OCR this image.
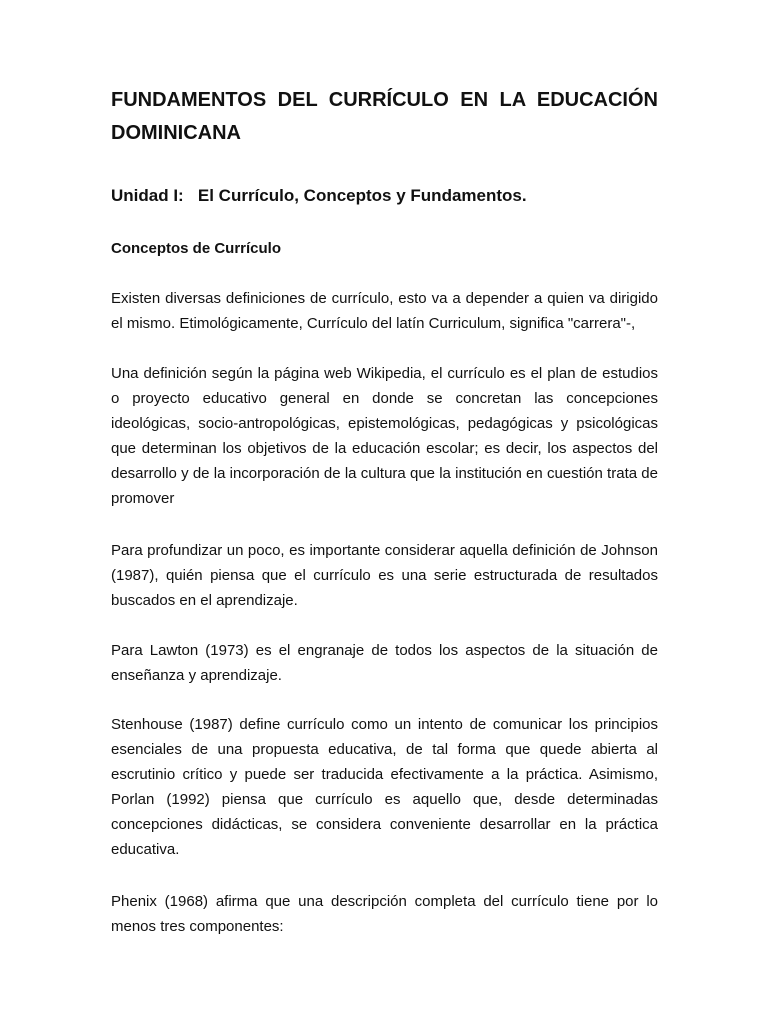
FUNDAMENTOS DEL CURRÍCULO EN LA EDUCACIÓN DOMINICANA
Unidad I:   El Currículo, Conceptos y Fundamentos.
Conceptos de Currículo

Existen diversas definiciones de currículo, esto va a depender a quien va dirigido el mismo. Etimológicamente, Currículo del latín Curriculum, significa "carrera"-,

Una definición según la página web Wikipedia, el currículo es el plan de estudios o proyecto educativo general en donde se concretan las concepciones ideológicas, socio-antropológicas, epistemológicas, pedagógicas y psicológicas que determinan los objetivos de la educación escolar; es decir, los aspectos del desarrollo y de la incorporación de la cultura que la institución en cuestión trata de promover

Para profundizar un poco, es importante considerar aquella definición de Johnson (1987), quién piensa que el currículo es una serie estructurada de resultados buscados en el aprendizaje.

Para Lawton (1973) es el engranaje de todos los aspectos de la situación de enseñanza y aprendizaje.

Stenhouse (1987) define currículo como un intento de comunicar los principios esenciales de una propuesta educativa, de tal forma que quede abierta al escrutinio crítico y puede ser traducida efectivamente a la práctica. Asimismo, Porlan (1992) piensa que currículo es aquello que, desde determinadas concepciones didácticas, se considera conveniente desarrollar en la práctica educativa.

Phenix (1968) afirma que una descripción completa del currículo tiene por lo menos tres componentes:
